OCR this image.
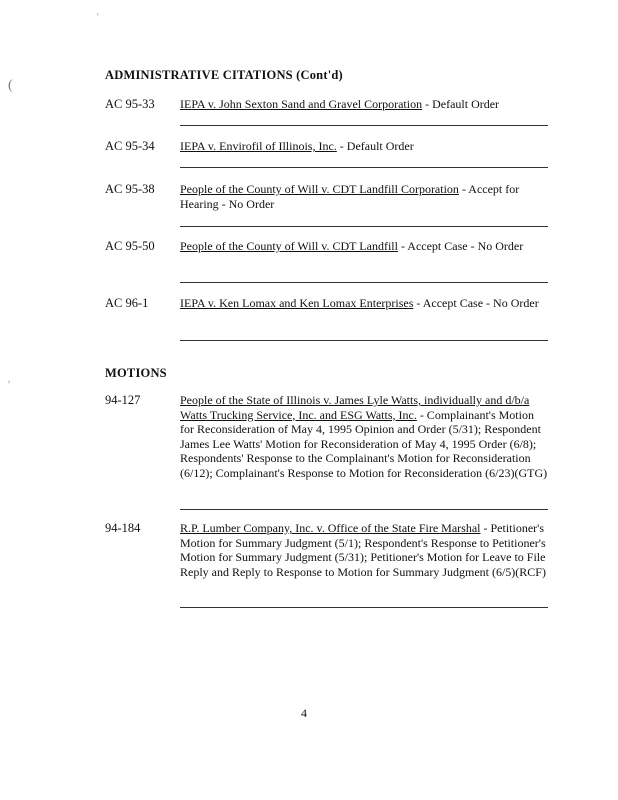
ADMINISTRATIVE CITATIONS (Cont'd)
AC 95-33 IEPA v. John Sexton Sand and Gravel Corporation - Default Order
AC 95-34 IEPA v. Envirofil of Illinois, Inc. - Default Order
AC 95-38 People of the County of Will v. CDT Landfill Corporation - Accept for Hearing - No Order
AC 95-50 People of the County of Will v. CDT Landfill - Accept Case - No Order
AC 96-1	IEPA v. Ken Lomax and Ken Lomax Enterprises - Accept Case - No Order
MOTIONS
94-127	People of the State of Illinois v. James Lyle Watts, individually and d/b/a Watts Trucking Service, Inc. and ESG Watts, Inc. - Complainant's Motion for Reconsideration of May 4, 1995 Opinion and Order (5/31); Respondent James Lee Watts' Motion for Reconsideration of May 4, 1995 Order (6/8); Respondents' Response to the Complainant's Motion for Reconsideration (6/12); Complainant's Response to Motion for Reconsideration (6/23)(GTG)
94-184	R.P. Lumber Company, Inc. v. Office of the State Fire Marshal - Petitioner's Motion for Summary Judgment (5/1); Respondent's Response to Petitioner's Motion for Summary Judgment (5/31); Petitioner's Motion for Leave to File Reply and Reply to Response to Motion for Summary Judgment (6/5)(RCF)
4
(
'
,
